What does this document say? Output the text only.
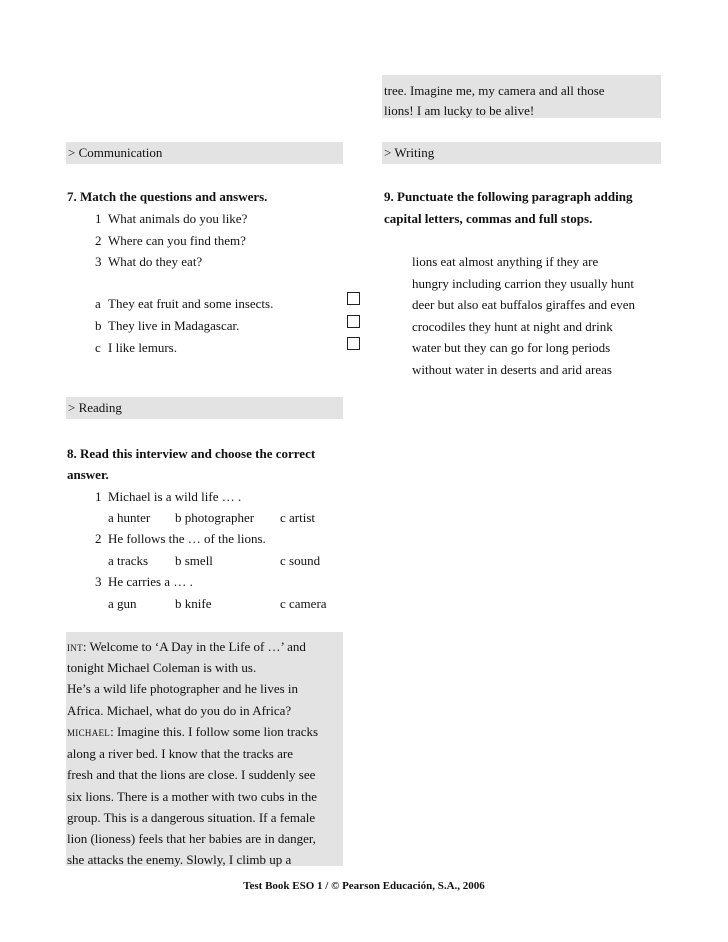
tree. Imagine me, my camera and all those
lions! I am lucky to be alive!
> Communication
7. Match the questions and answers.
1 What animals do you like?
2 Where can you find them?
3 What do they eat?
a They eat fruit and some insects.
b They live in Madagascar.
c I like lemurs.
> Reading
8. Read this interview and choose the correct
answer.
1 Michael is a wild life … .
a hunter b photographer c artist
2 He follows the … of the lions.
a tracks b smell	c sound
3 He carries a … .
a gun	b knife	c camera
INT: Welcome to ‘A Day in the Life of …’ and
tonight Michael Coleman is with us.
He’s a wild life photographer and he lives in
Africa. Michael, what do you do in Africa?
MICHAEL: Imagine this. I follow some lion tracks
along a river bed. I know that the tracks are
fresh and that the lions are close. I suddenly see
six lions. There is a mother with two cubs in the
group. This is a dangerous situation. If a female
lion (lioness) feels that her babies are in danger,
she attacks the enemy. Slowly, I climb up a
> Writing
9. Punctuate the following paragraph adding
capital letters, commas and full stops.
lions eat almost anything if they are
hungry including carrion they usually hunt
deer but also eat buffalos giraffes and even
crocodiles they hunt at night and drink
water but they can go for long periods
without water in deserts and arid areas
Test Book ESO 1 / © Pearson Educación, S.A., 2006
